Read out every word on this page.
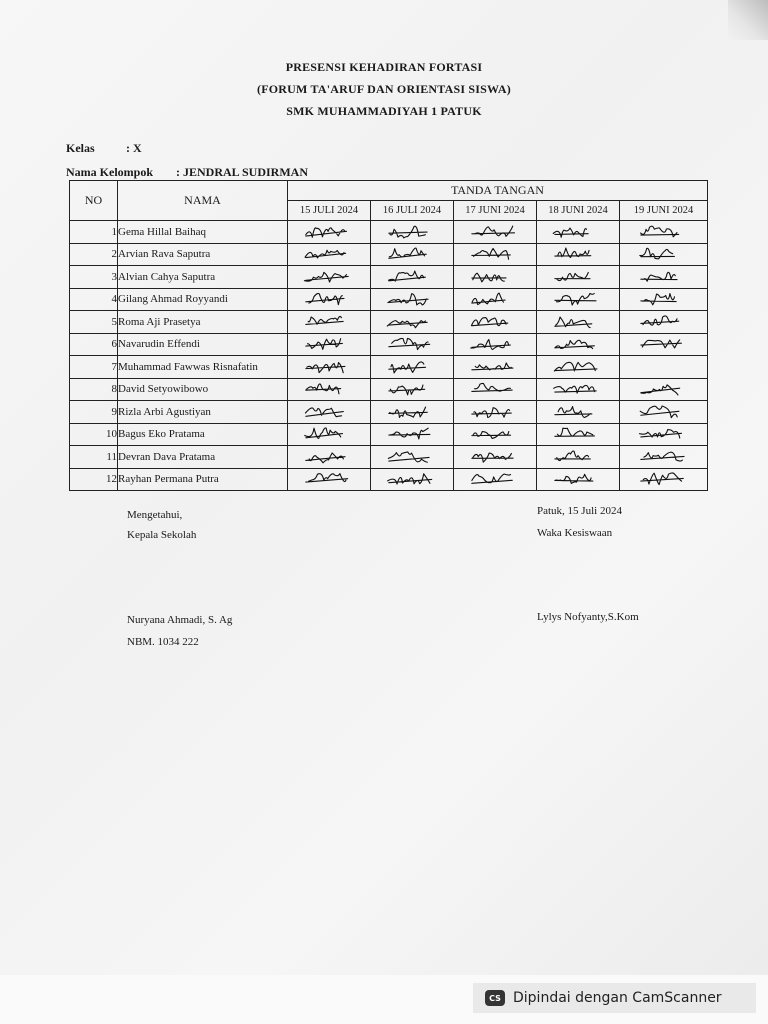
PRESENSI KEHADIRAN FORTASI
(FORUM TA'ARUF DAN ORIENTASI SISWA)
SMK MUHAMMADIYAH 1 PATUK
Kelas	: X
Nama Kelompok : JENDRAL SUDIRMAN
NO	NAMA	TANDA TANGAN				
		15 JULI 2024	16 JULI 2024	17 JUNI 2024	18 JUNI 2024	19 JUNI 2024
1	Gema Hillal Baihaq	

2	Arvian Rava Saputra	

3	Alvian Cahya Saputra	

4	Gilang Ahmad Royyandi	

5	Roma Aji Prasetya	

6	Navarudin Effendi	

7	Muhammad Fawwas Risnafatin	

8	David Setyowibowo	

9	Rizla Arbi Agustiyan	

10	Bagus Eko Pratama	

11	Devran Dava Pratama	

12	Rayhan Permana Putra	

Mengetahui,
Kepala Sekolah
Patuk, 15 Juli 2024
Waka Kesiswaan
Nuryana Ahmadi, S. Ag
NBM. 1034 222
Lylys Nofyanty,S.Kom
CS Dipindai dengan CamScanner
